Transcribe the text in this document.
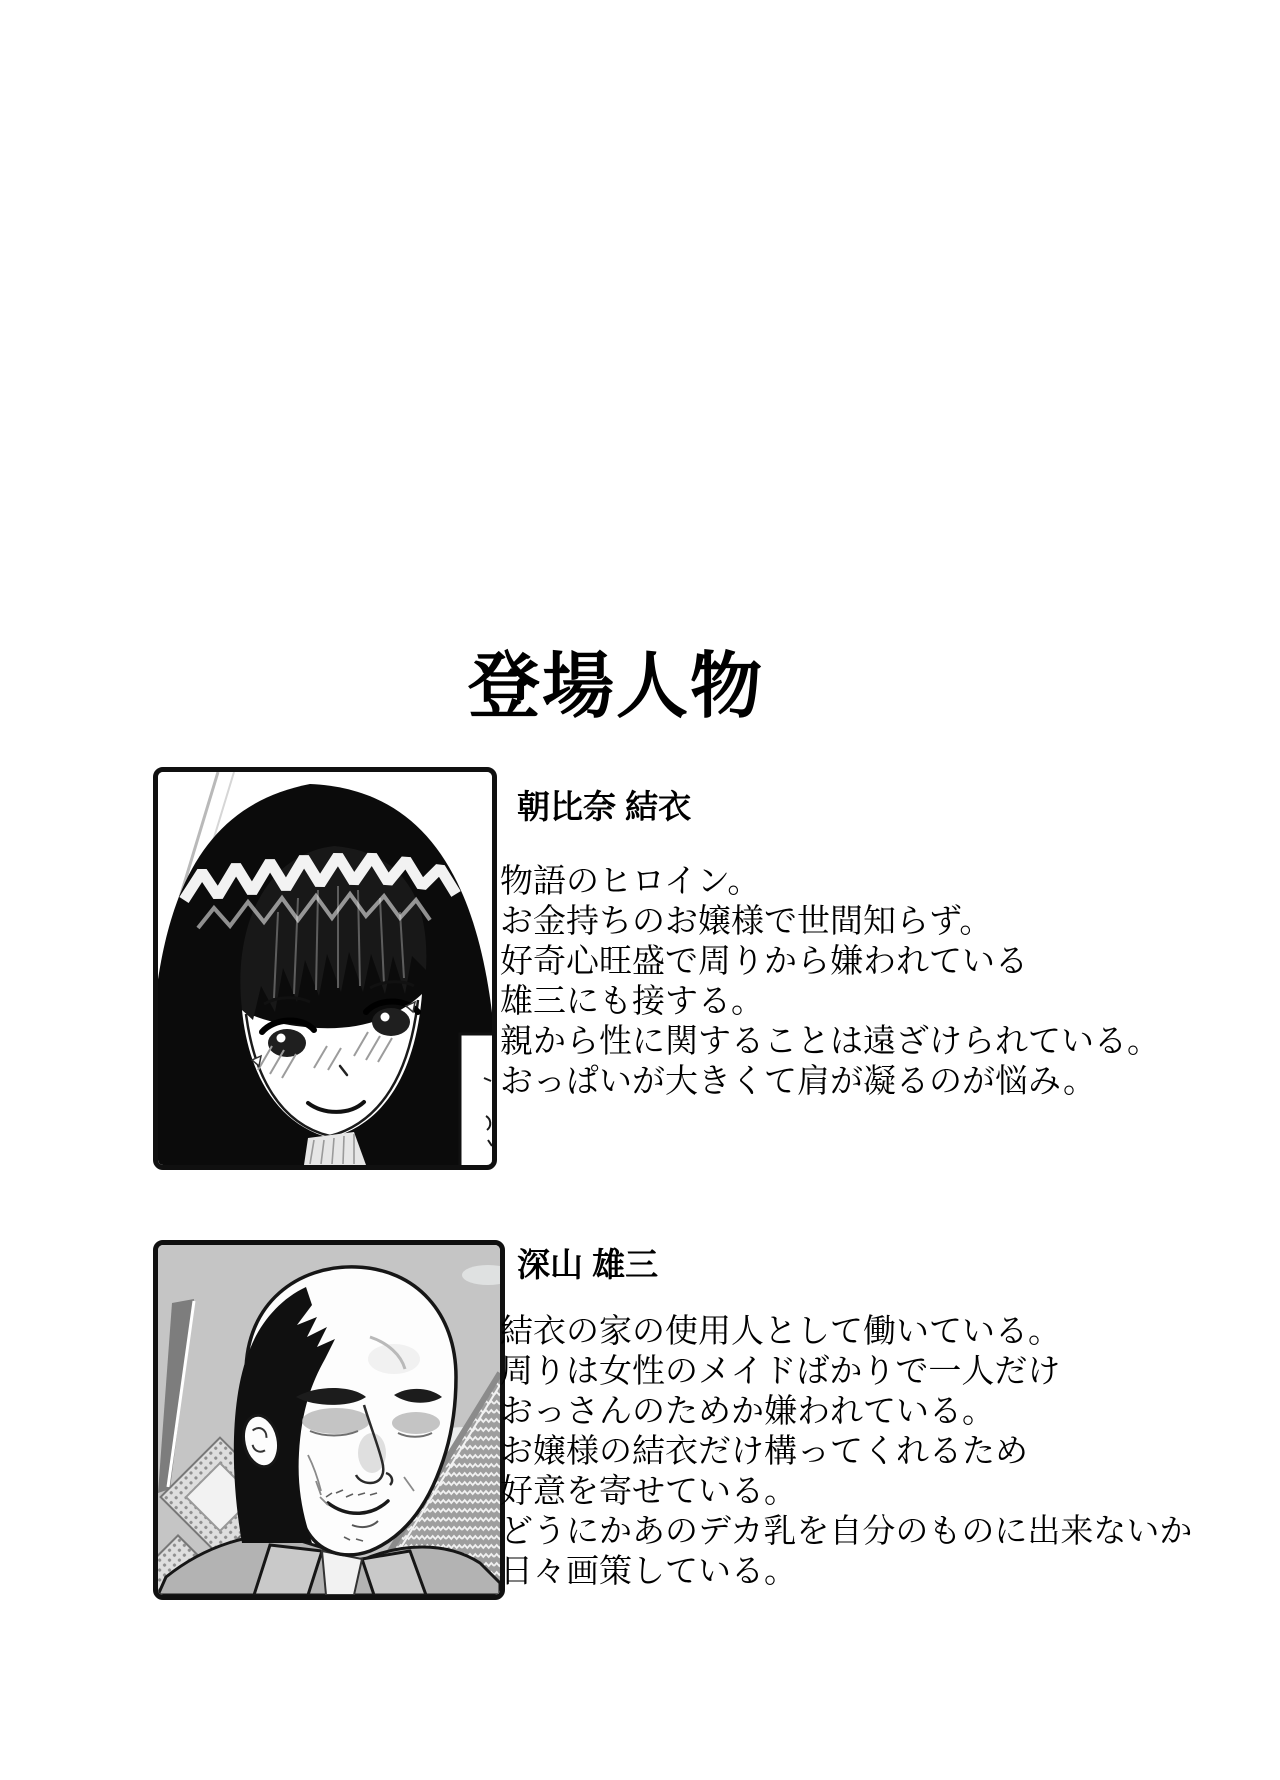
登場人物
朝比奈 結衣
物語のヒロイン。
お金持ちのお嬢様で世間知らず。
好奇心旺盛で周りから嫌われている
雄三にも接する。
親から性に関することは遠ざけられている。
おっぱいが大きくて肩が凝るのが悩み。
深山 雄三
結衣の家の使用人として働いている。
周りは女性のメイドばかりで一人だけ
おっさんのためか嫌われている。
お嬢様の結衣だけ構ってくれるため
好意を寄せている。
どうにかあのデカ乳を自分のものに出来ないか
日々画策している。
